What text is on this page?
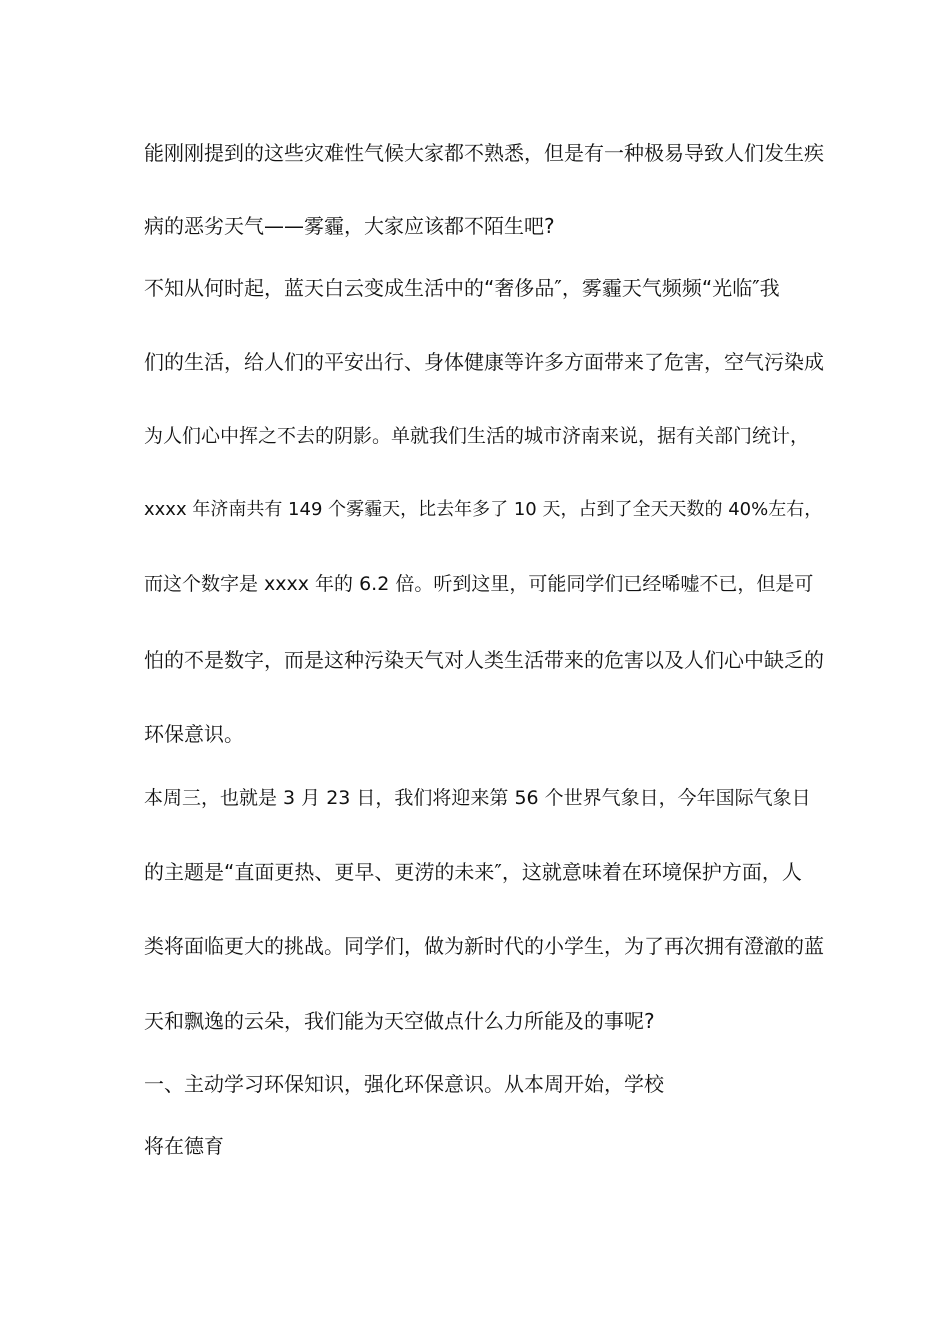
能刚刚提到的这些灾难性气候大家都不熟悉，但是有一种极易导致人们发生疾
病的恶劣天气——雾霾，大家应该都不陌生吧?
不知从何时起，蓝天白云变成生活中的“奢侈品″，雾霾天气频频“光临″我
们的生活，给人们的平安出行、身体健康等许多方面带来了危害，空气污染成
为人们心中挥之不去的阴影。单就我们生活的城市济南来说，据有关部门统计，
xxxx 年济南共有 149 个雾霾天，比去年多了 10 天，占到了全天天数的 40%左右，
而这个数字是 xxxx 年的 6.2 倍。听到这里，可能同学们已经唏嘘不已，但是可
怕的不是数字，而是这种污染天气对人类生活带来的危害以及人们心中缺乏的
环保意识。
本周三，也就是 3 月 23 日，我们将迎来第 56 个世界气象日，今年国际气象日
的主题是“直面更热、更早、更涝的未来″，这就意味着在环境保护方面，人
类将面临更大的挑战。同学们，做为新时代的小学生，为了再次拥有澄澈的蓝
天和飘逸的云朵，我们能为天空做点什么力所能及的事呢?
一、主动学习环保知识，强化环保意识。从本周开始，学校
将在德育
